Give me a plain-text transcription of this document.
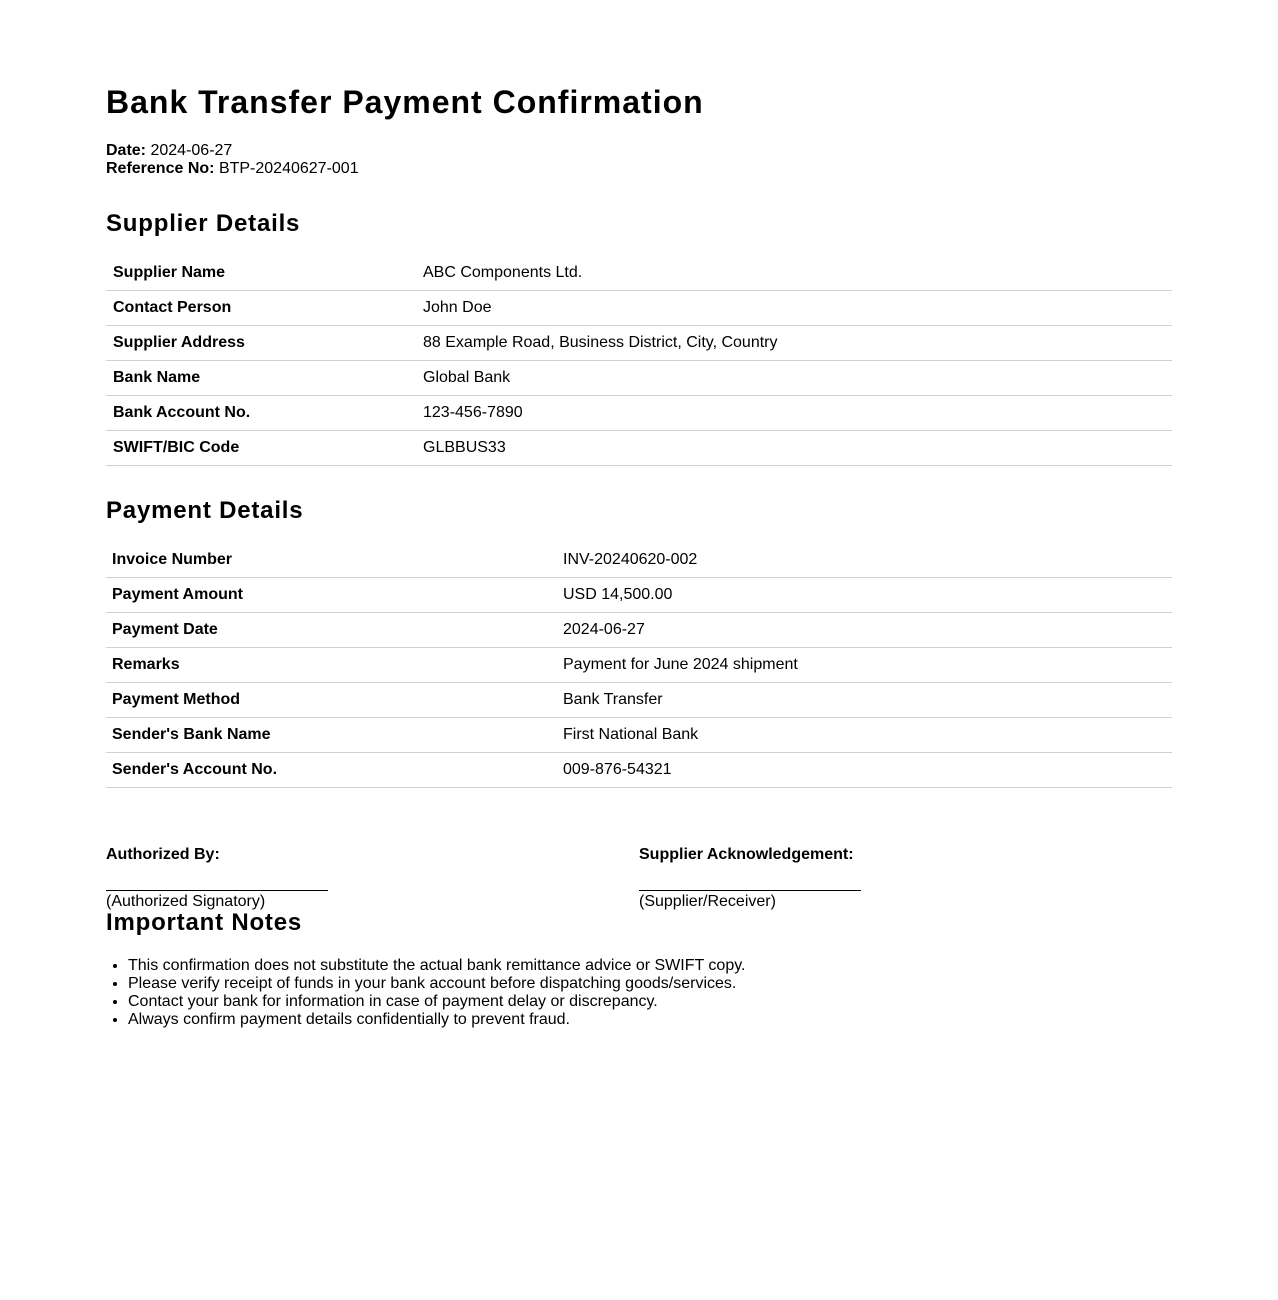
Bank Transfer Payment Confirmation
Date: 2024-06-27
Reference No: BTP-20240627-001
Supplier Details
Supplier Name	ABC Components Ltd.
Contact Person	John Doe
Supplier Address	88 Example Road, Business District, City, Country
Bank Name	Global Bank
Bank Account No.	123-456-7890
SWIFT/BIC Code	GLBBUS33
Payment Details
Invoice Number	INV-20240620-002
Payment Amount	USD 14,500.00
Payment Date	2024-06-27
Remarks	Payment for June 2024 shipment
Payment Method	Bank Transfer
Sender's Bank Name	First National Bank
Sender's Account No.	009-876-54321
Authorized By:
(Authorized Signatory)
Supplier Acknowledgement:
(Supplier/Receiver)
Important Notes
• This confirmation does not substitute the actual bank remittance advice or SWIFT copy.
• Please verify receipt of funds in your bank account before dispatching goods/services.
• Contact your bank for information in case of payment delay or discrepancy.
• Always confirm payment details confidentially to prevent fraud.
